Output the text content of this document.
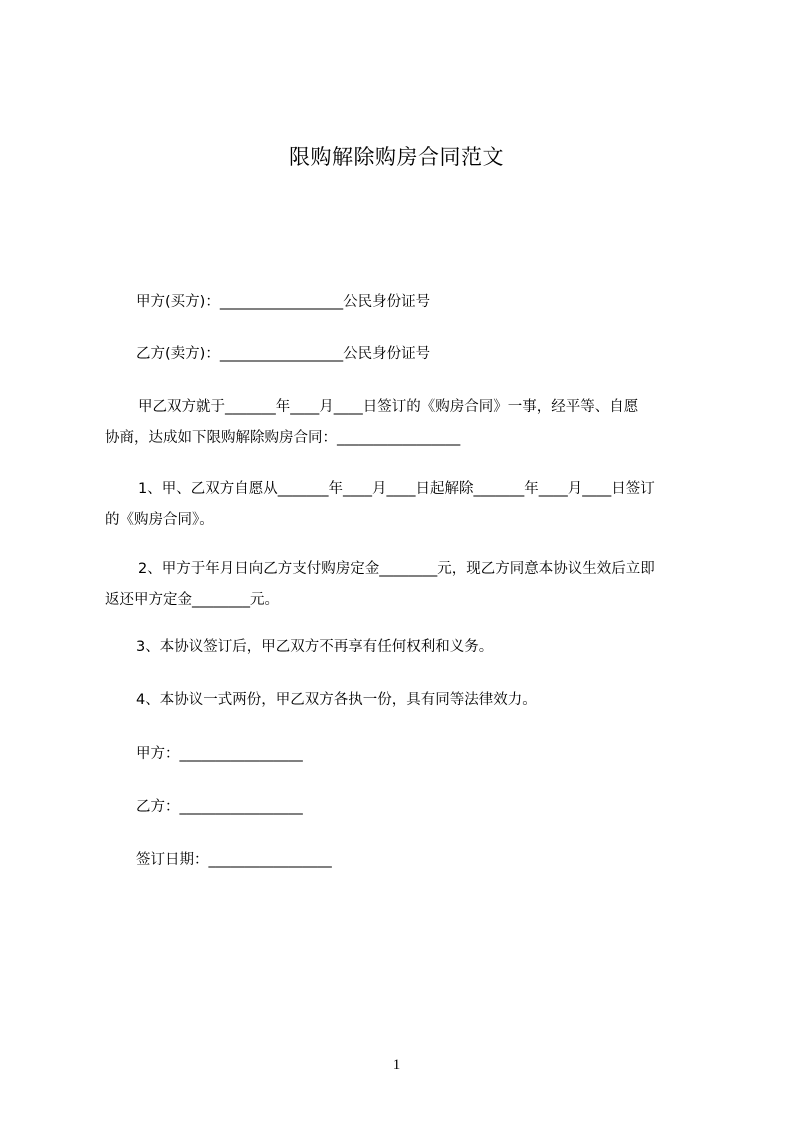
限购解除购房合同范文
甲方(买方)：_________________公民身份证号
乙方(卖方)：_________________公民身份证号
甲乙双方就于_______年____月____日签订的《购房合同》一事，经平等、自愿
协商，达成如下限购解除购房合同：_________________
1、甲、乙双方自愿从_______年____月____日起解除_______年____月____日签订
的《购房合同》。
2、甲方于年月日向乙方支付购房定金________元，现乙方同意本协议生效后立即
返还甲方定金________元。
3、本协议签订后，甲乙双方不再享有任何权利和义务。
4、本协议一式两份，甲乙双方各执一份，具有同等法律效力。
甲方：_________________
乙方：_________________
签订日期：_________________
1
